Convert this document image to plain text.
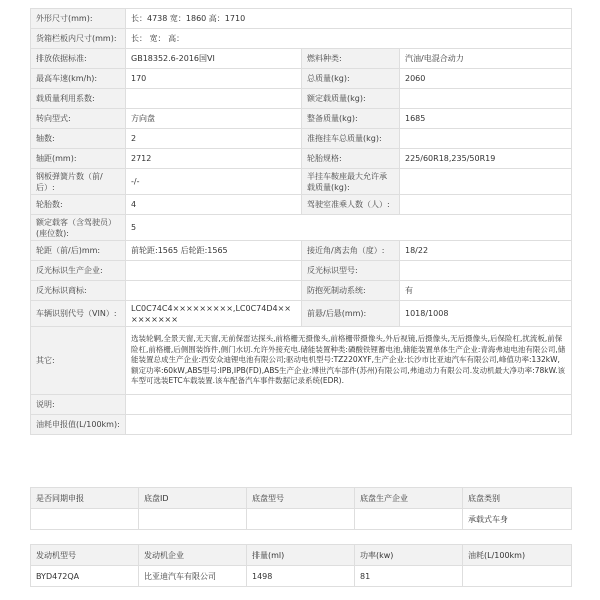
外形尺寸(mm):	长：4738 宽：1860 高：1710		
货箱栏板内尺寸(mm):	长： 宽： 高：		
排放依据标准:	GB18352.6-2016国VI	燃料种类:	汽油/电混合动力
最高车速(km/h):	170	总质量(kg):	2060
载质量利用系数:		额定载质量(kg):	
转向型式:	方向盘	整备质量(kg):	1685
轴数:	2	准拖挂车总质量(kg):	
轴距(mm):	2712	轮胎规格:	225/60R18,235/50R19
钢板弹簧片数（前/后）:	-/-	半挂车鞍座最大允许承载质量(kg):	
轮胎数:	4	驾驶室准乘人数（人）:	
额定载客（含驾驶员）(座位数):	5		
轮距（前/后)mm:	前轮距:1565 后轮距:1565	接近角/离去角（度）:	18/22
反光标识生产企业:		反光标识型号:	
反光标识商标:		防抱死制动系统:	有
车辆识别代号（VIN）:	LC0C74C4×××××××××,LC0C74D4×××××××××	前悬/后悬(mm):	1018/1008
其它:	选装轮辋,全景天窗,无天窗,无前保雷达探头,前格栅无摄像头,前格栅带摄像头,外后视镜,后摄像头,无后摄像头,后保险杠,扰流板,前保险杠,前格栅,后侧围装饰件,侧门水切.允许外接充电.储能装置种类:磷酸铁锂蓄电池,储能装置单体生产企业:青海弗迪电池有限公司,储能装置总成生产企业:西安众迪锂电池有限公司;驱动电机型号:TZ220XYF,生产企业:长沙市比亚迪汽车有限公司,峰值功率:132kW,额定功率:60kW,ABS型号:IPB,IPB(FD),ABS生产企业:博世汽车部件(苏州)有限公司,弗迪动力有限公司.发动机最大净功率:78kW.该车型可选装ETC车载装置.该车配备汽车事件数据记录系统(EDR).		
说明:			
油耗申报值(L/100km):			
是否同期申报	底盘ID	底盘型号	底盘生产企业	底盘类别
				承载式车身
发动机型号	发动机企业	排量(ml)	功率(kw)	油耗(L/100km)
BYD472QA	比亚迪汽车有限公司	1498	81	
